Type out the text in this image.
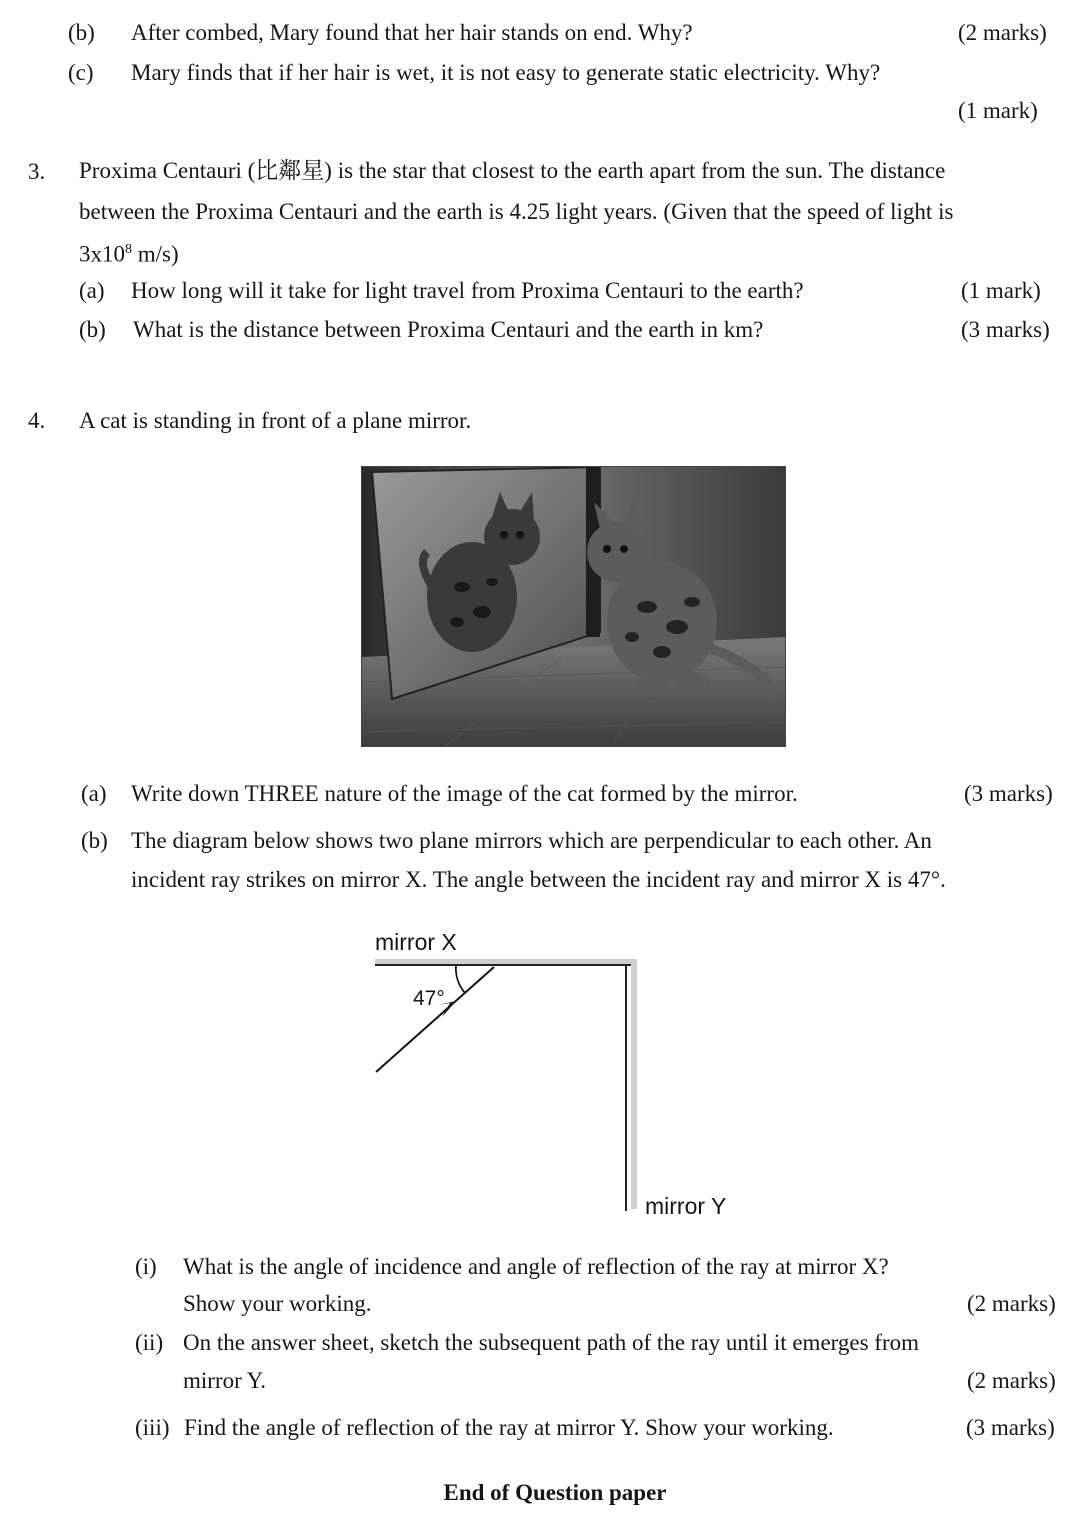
(b) After combed, Mary found that her hair stands on end. Why?	(2 marks)
(c) Mary finds that if her hair is wet, it is not easy to generate static electricity. Why?
(1 mark)
3. Proxima Centauri (比鄰星) is the star that closest to the earth apart from the sun. The distance
between the Proxima Centauri and the earth is 4.25 light years. (Given that the speed of light is
$3x10^8$ m/s)
(a) How long will it take for light travel from Proxima Centauri to the earth?	(1 mark)
(b) What is the distance between Proxima Centauri and the earth in km?	(3 marks)
4. A cat is standing in front of a plane mirror.
(a) Write down THREE nature of the image of the cat formed by the mirror.	(3 marks)
(b) The diagram below shows two plane mirrors which are perpendicular to each other. An
incident ray strikes on mirror X. The angle between the incident ray and mirror X is 47°.
mirror X
47°
mirror Y
(i) What is the angle of incidence and angle of reflection of the ray at mirror X?
Show your working.	(2 marks)
(ii) On the answer sheet, sketch the subsequent path of the ray until it emerges from
mirror Y.	(2 marks)
(iii) Find the angle of reflection of the ray at mirror Y. Show your working.	(3 marks)
End of Question paper
